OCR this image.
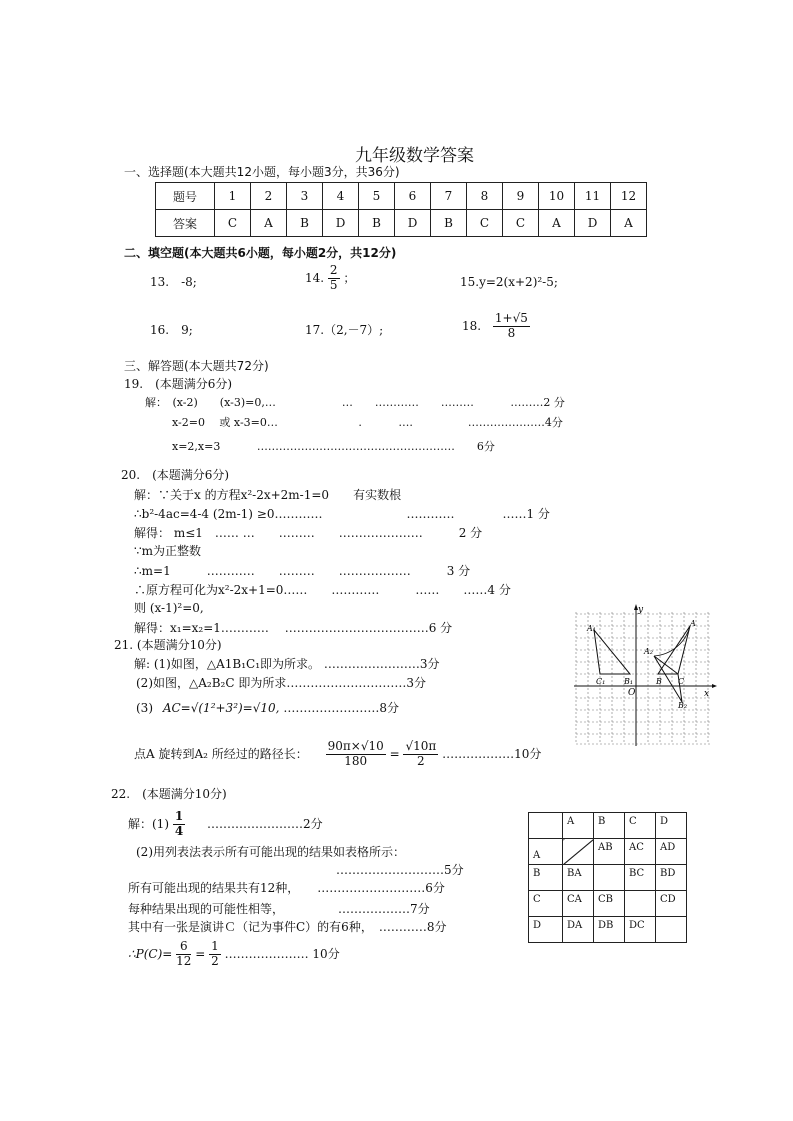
九年级数学答案
一、选择题(本大题共12小题，每小题3分，共36分)
题号	1	2	3	4	5	6	7	8	9	10	11	12
答案	C	A	B	D	B	D	B	C	C	A	D	A
二、填空题(本大题共6小题，每小题2分，共12分)
13.　-8;	14. $\frac{2}{5}$ ；	15.y=2(x+2)²-5;
16.　9;	17.（2,－7）;	18. $\frac{1+√5}{8}$
三、解答题(本大题共72分)
19.　(本题满分6分)
解：　(x-2)　　(x-3)=0,…　　　　　　…　　…………　　……… 　　　………2 分
x-2=0　 或 x-3=0…　　　　　　　 .　　　 ….　　　　　…………………4分
x=2,x=3　　　 ………………………………………………　　6分
20.　(本题满分6分)
解：∵关于x 的方程x²-2x+2m-1=0　　有实数根
∴b²-4ac=4-4 (2m-1) ≥0…………　　　　　　　…………　　　　……1 分
解得： m≤1　…… …　　………　　…………………　　　2 分
∵m为正整数
∴m=1　　　…………　　………　　………………　　　3 分
∴原方程可化为x²-2x+1=0……　　…………　　　……　　……4 分
则 (x-1)²=0,
解得：x₁=x₂=1…………　 ………………………………6 分
21. (本题满分10分)
解: (1)如图，△A1B₁C₁即为所求。 ……………………3分
(2)如图，△A₂B₂C 即为所求…………………………3分
(3) AC=√(1²+3²)=√10, ……………………8分
点A 旋转到A₂ 所经过的路径长： $\frac{90\pi\times√10}{180} = \frac{√10\pi}{2}$ ………………10分
y
x
O
A₁
A
A₂
C₁ B₁	B C
B₂
22.　(本题满分10分)
解：$(1) \frac{1}{4}$ ……………………2分
(2)用列表法表示所有可能出现的结果如表格所示：
………………………5分
所有可能出现的结果共有12种，　　………………………6分
每种结果出现的可能性相等，　　　　　………………7分
其中有一张是演讲Ｃ（记为事件C）的有6种，　…………8分
∴P(C)= $\frac{6}{12} = \frac{1}{2}$ ………………… 10分
	A	B	C	D
A		AB	AC	AD
B	BA		BC	BD
C	CA	CB		CD
D	DA	DB	DC	
